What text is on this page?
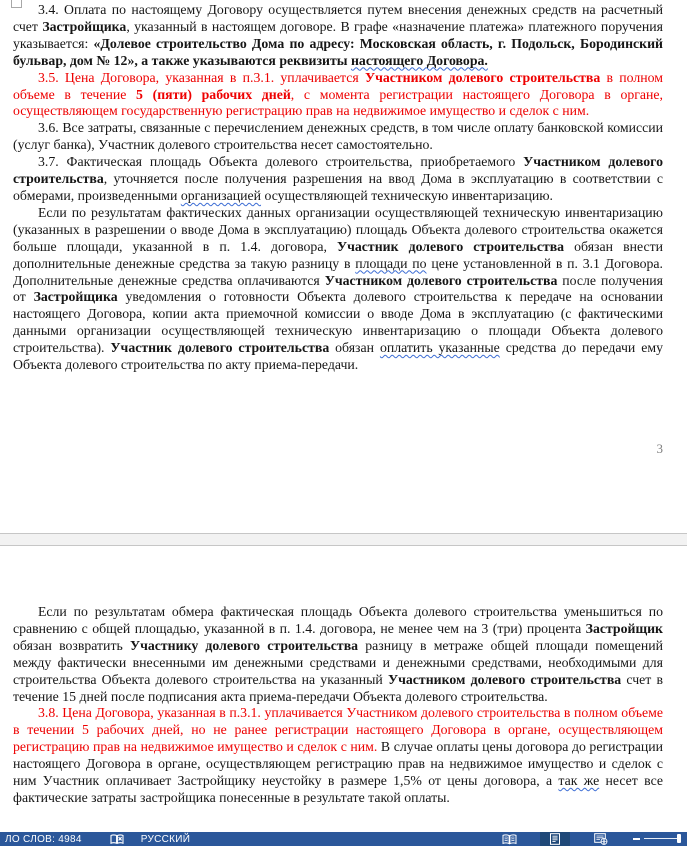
3.4. Оплата по настоящему Договору осуществляется путем внесения денежных средств на расчетный счет Застройщика, указанный в настоящем договоре. В графе «назначение платежа» платежного поручения указывается: «Долевое строительство Дома по адресу: Московская область, г. Подольск, Бородинский бульвар, дом № 12», а также указываются реквизиты настоящего Договора.

3.5. Цена Договора, указанная в п.3.1. уплачивается Участником долевого строительства в полном объеме в течение 5 (пяти) рабочих дней, с момента регистрации настоящего Договора в органе, осуществляющем государственную регистрацию прав на недвижимое имущество и сделок с ним.

3.6. Все затраты, связанные с перечислением денежных средств, в том числе оплату банковской комиссии (услуг банка), Участник долевого строительства несет самостоятельно.

3.7. Фактическая площадь Объекта долевого строительства, приобретаемого Участником долевого строительства, уточняется после получения разрешения на ввод Дома в эксплуатацию в соответствии с обмерами, произведенными организацией осуществляющей техническую инвентаризацию.

Если по результатам фактических данных организации осуществляющей техническую инвентаризацию (указанных в разрешении о вводе Дома в эксплуатацию) площадь Объекта долевого строительства окажется больше площади, указанной в п. 1.4. договора, Участник долевого строительства обязан внести дополнительные денежные средства за такую разницу в площади по цене установленной в п. 3.1 Договора. Дополнительные денежные средства оплачиваются Участником долевого строительства после получения от Застройщика уведомления о готовности Объекта долевого строительства к передаче на основании настоящего Договора, копии акта приемочной комиссии о вводе Дома в эксплуатацию (с фактическими данными организации осуществляющей техническую инвентаризацию о площади Объекта долевого строительства). Участник долевого строительства обязан оплатить указанные средства до передачи ему Объекта долевого строительства по акту приема-передачи.

3

Если по результатам обмера фактическая площадь Объекта долевого строительства уменьшиться по сравнению с общей площадью, указанной в п. 1.4. договора, не менее чем на 3 (три) процента Застройщик обязан возвратить Участнику долевого строительства разницу в метраже общей площади помещений между фактически внесенными им денежными средствами и денежными средствами, необходимыми для строительства Объекта долевого строительства на указанный Участником долевого строительства счет в течение 15 дней после подписания акта приема-передачи Объекта долевого строительства.

3.8. Цена Договора, указанная в п.3.1. уплачивается Участником долевого строительства в полном объеме в течении 5 рабочих дней, но не ранее регистрации настоящего Договора в органе, осуществляющем регистрацию прав на недвижимое имущество и сделок с ним. В случае оплаты цены договора до регистрации настоящего Договора в органе, осуществляющем регистрацию прав на недвижимое имущество и сделок с ним Участник оплачивает Застройщику неустойку в размере 1,5% от цены договора, а так же несет все фактические затраты застройщика понесенные в результате такой оплаты.

ЛО СЛОВ: 4984	РУССКИЙ
